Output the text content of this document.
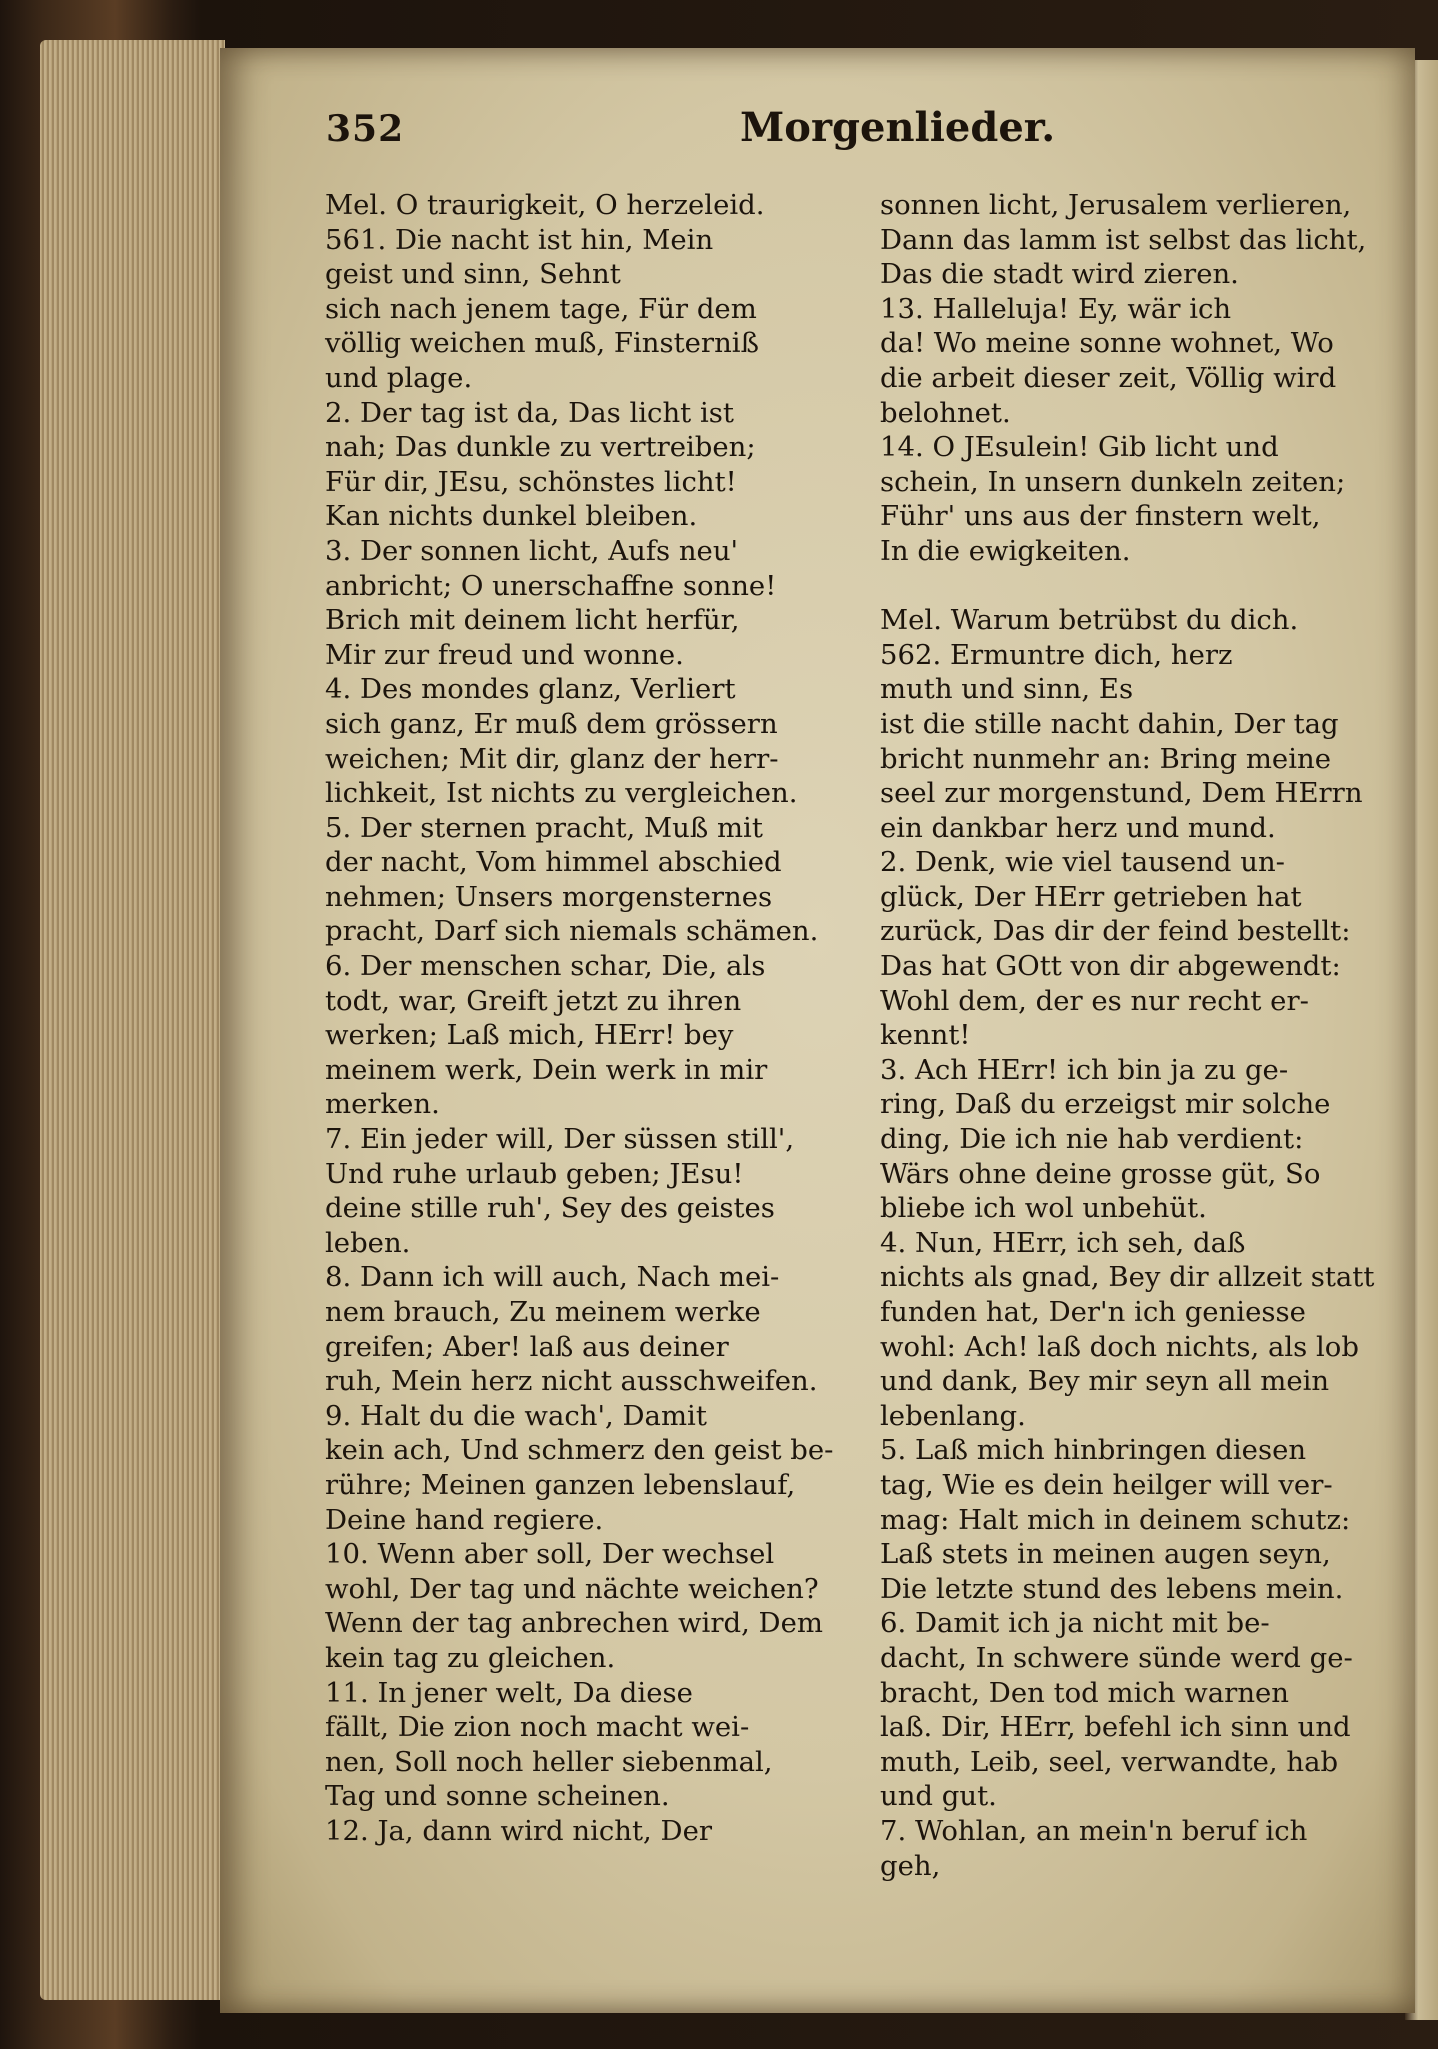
352	Morgenlieder.
Mel. O traurigkeit, O herzeleid.
561. Die nacht ist hin, Mein
geist und sinn, Sehnt
sich nach jenem tage, Für dem
völlig weichen muß, Finsterniß
und plage.
2. Der tag ist da, Das licht ist
nah; Das dunkle zu vertreiben;
Für dir, JEsu, schönstes licht!
Kan nichts dunkel bleiben.
3. Der sonnen licht, Aufs neu'
anbricht; O unerschaffne sonne!
Brich mit deinem licht herfür,
Mir zur freud und wonne.
4. Des mondes glanz, Verliert
sich ganz, Er muß dem grössern
weichen; Mit dir, glanz der herr-
lichkeit, Ist nichts zu vergleichen.
5. Der sternen pracht, Muß mit
der nacht, Vom himmel abschied
nehmen; Unsers morgensternes
pracht, Darf sich niemals schämen.
6. Der menschen schar, Die, als
todt, war, Greift jetzt zu ihren
werken; Laß mich, HErr! bey
meinem werk, Dein werk in mir
merken.
7. Ein jeder will, Der süssen still',
Und ruhe urlaub geben; JEsu!
deine stille ruh', Sey des geistes
leben.
8. Dann ich will auch, Nach mei-
nem brauch, Zu meinem werke
greifen; Aber! laß aus deiner
ruh, Mein herz nicht ausschweifen.
9. Halt du die wach', Damit
kein ach, Und schmerz den geist be-
rühre; Meinen ganzen lebenslauf,
Deine hand regiere.
10. Wenn aber soll, Der wechsel
wohl, Der tag und nächte weichen?
Wenn der tag anbrechen wird, Dem
kein tag zu gleichen.
11. In jener welt, Da diese
fällt, Die zion noch macht wei-
nen, Soll noch heller siebenmal,
Tag und sonne scheinen.
12. Ja, dann wird nicht, Der
sonnen licht, Jerusalem verlieren,
Dann das lamm ist selbst das licht,
Das die stadt wird zieren.
13. Halleluja! Ey, wär ich
da! Wo meine sonne wohnet, Wo
die arbeit dieser zeit, Völlig wird
belohnet.
14. O JEsulein! Gib licht und
schein, In unsern dunkeln zeiten;
Führ' uns aus der finstern welt,
In die ewigkeiten.
Mel. Warum betrübst du dich.
562. Ermuntre dich, herz
muth und sinn, Es
ist die stille nacht dahin, Der tag
bricht nunmehr an: Bring meine
seel zur morgenstund, Dem HErrn
ein dankbar herz und mund.
2. Denk, wie viel tausend un-
glück, Der HErr getrieben hat
zurück, Das dir der feind bestellt:
Das hat GOtt von dir abgewendt:
Wohl dem, der es nur recht er-
kennt!
3. Ach HErr! ich bin ja zu ge-
ring, Daß du erzeigst mir solche
ding, Die ich nie hab verdient:
Wärs ohne deine grosse güt, So
bliebe ich wol unbehüt.
4. Nun, HErr, ich seh, daß
nichts als gnad, Bey dir allzeit statt
funden hat, Der'n ich geniesse
wohl: Ach! laß doch nichts, als lob
und dank, Bey mir seyn all mein
lebenlang.
5. Laß mich hinbringen diesen
tag, Wie es dein heilger will ver-
mag: Halt mich in deinem schutz:
Laß stets in meinen augen seyn,
Die letzte stund des lebens mein.
6. Damit ich ja nicht mit be-
dacht, In schwere sünde werd ge-
bracht, Den tod mich warnen
laß. Dir, HErr, befehl ich sinn und
muth, Leib, seel, verwandte, hab
und gut.
7. Wohlan, an mein'n beruf ich
geh,
